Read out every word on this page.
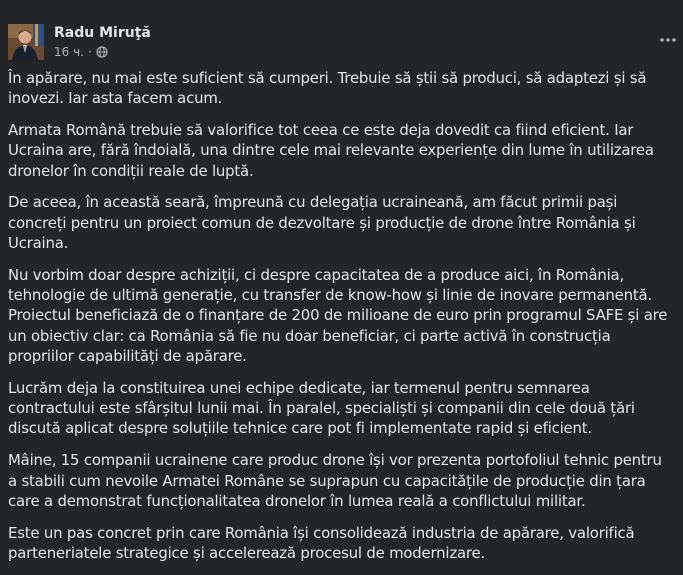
Radu Miruţă
16 ч. ·

În apărare, nu mai este suficient să cumperi. Trebuie să știi să produci, să adaptezi și să inovezi. Iar asta facem acum.

Armata Română trebuie să valorifice tot ceea ce este deja dovedit ca fiind eficient. Iar Ucraina are, fără îndoială, una dintre cele mai relevante experiențe din lume în utilizarea dronelor în condiții reale de luptă.

De aceea, în această seară, împreună cu delegația ucraineană, am făcut primii pași concreți pentru un proiect comun de dezvoltare și producție de drone între România și Ucraina.

Nu vorbim doar despre achiziții, ci despre capacitatea de a produce aici, în România, tehnologie de ultimă generație, cu transfer de know-how și linie de inovare permanentă. Proiectul beneficiază de o finanțare de 200 de milioane de euro prin programul SAFE și are un obiectiv clar: ca România să fie nu doar beneficiar, ci parte activă în construcția propriilor capabilități de apărare.

Lucrăm deja la constituirea unei echipe dedicate, iar termenul pentru semnarea contractului este sfârșitul lunii mai. În paralel, specialiști și companii din cele două țări discută aplicat despre soluțiile tehnice care pot fi implementate rapid și eficient.

Mâine, 15 companii ucrainene care produc drone își vor prezenta portofoliul tehnic pentru a stabili cum nevoile Armatei Române se suprapun cu capacitățile de producție din țara care a demonstrat funcționalitatea dronelor în lumea reală a conflictului militar.

Este un pas concret prin care România își consolidează industria de apărare, valorifică parteneriatele strategice și accelerează procesul de modernizare.
